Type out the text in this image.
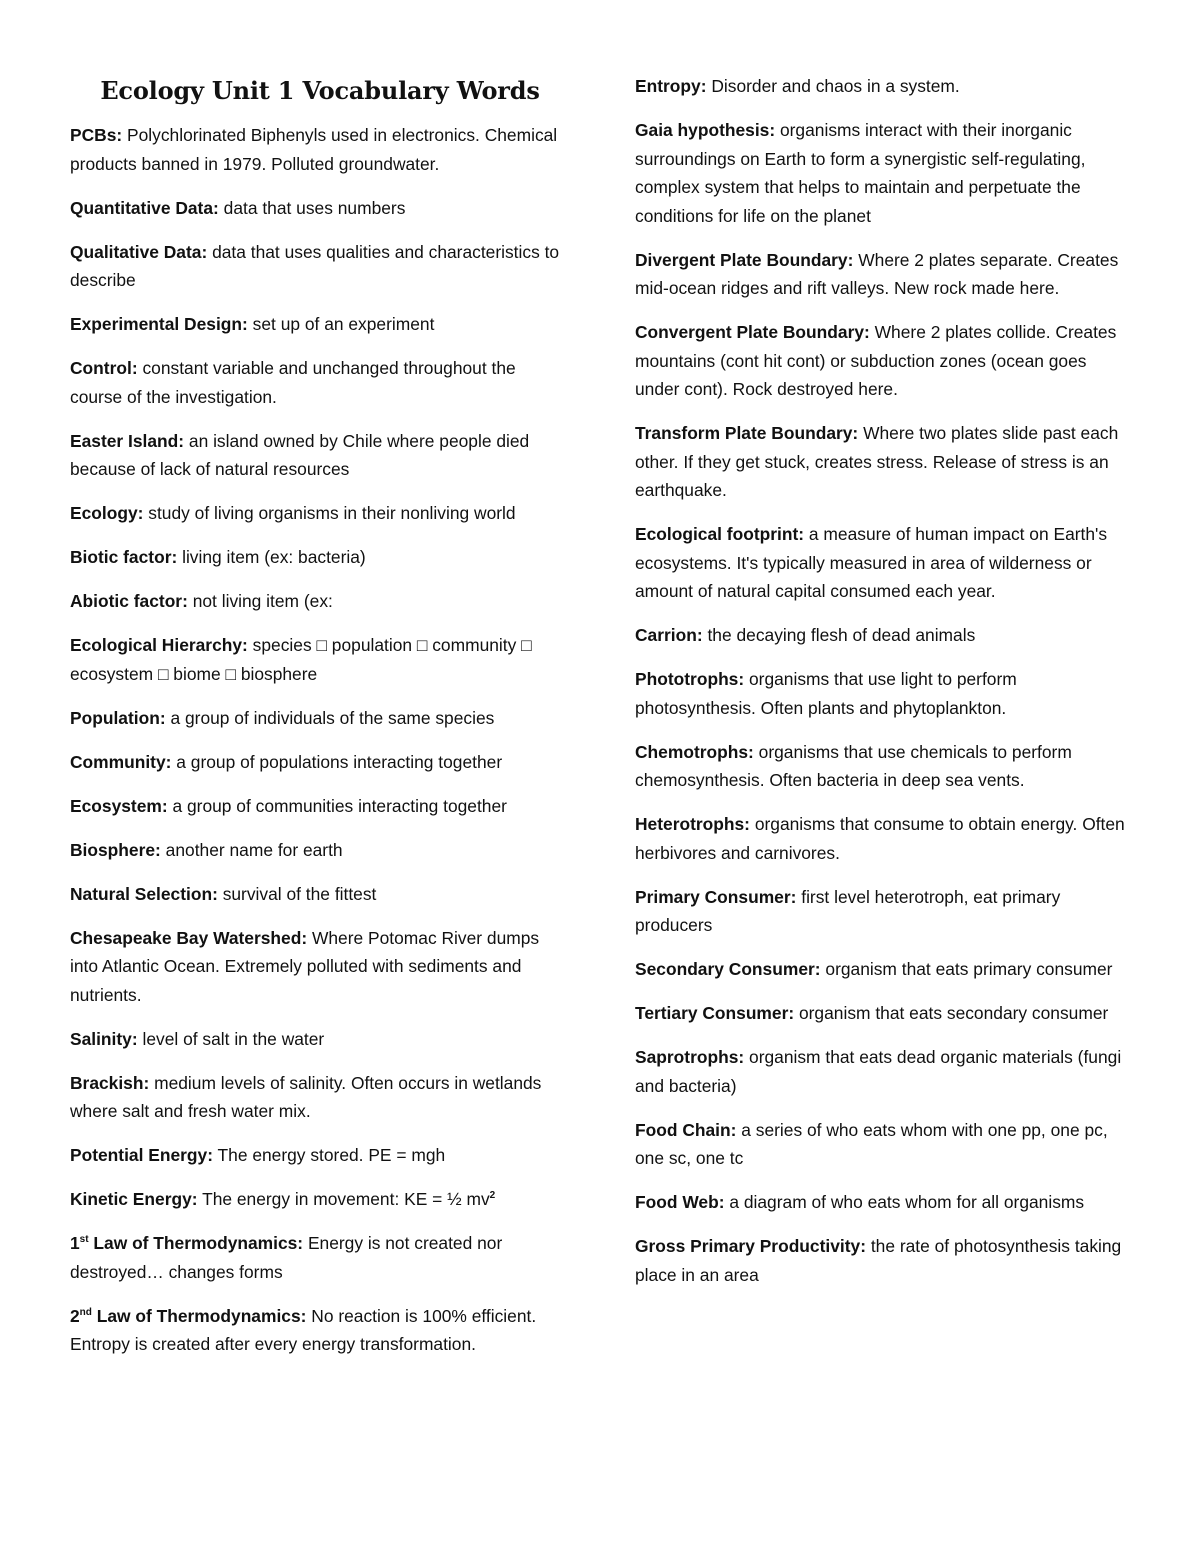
Ecology Unit 1 Vocabulary Words

PCBs: Polychlorinated Biphenyls used in electronics. Chemical products banned in 1979. Polluted groundwater.

Quantitative Data: data that uses numbers

Qualitative Data: data that uses qualities and characteristics to describe

Experimental Design: set up of an experiment

Control: constant variable and unchanged throughout the course of the investigation.

Easter Island: an island owned by Chile where people died because of lack of natural resources

Ecology: study of living organisms in their nonliving world

Biotic factor: living item (ex: bacteria)

Abiotic factor: not living item (ex:

Ecological Hierarchy: species □ population □ community □ ecosystem □ biome □ biosphere

Population: a group of individuals of the same species

Community: a group of populations interacting together

Ecosystem: a group of communities interacting together

Biosphere: another name for earth

Natural Selection: survival of the fittest

Chesapeake Bay Watershed: Where Potomac River dumps into Atlantic Ocean. Extremely polluted with sediments and nutrients.

Salinity: level of salt in the water

Brackish: medium levels of salinity. Often occurs in wetlands where salt and fresh water mix.

Potential Energy: The energy stored. PE = mgh

Kinetic Energy: The energy in movement: KE = ½ $mv^2$

1st Law of Thermodynamics: Energy is not created nor destroyed… changes forms

2nd Law of Thermodynamics: No reaction is 100% efficient. Entropy is created after every energy transformation.

Entropy: Disorder and chaos in a system.

Gaia hypothesis: organisms interact with their inorganic surroundings on Earth to form a synergistic self-regulating, complex system that helps to maintain and perpetuate the conditions for life on the planet

Divergent Plate Boundary: Where 2 plates separate. Creates mid-ocean ridges and rift valleys. New rock made here.

Convergent Plate Boundary: Where 2 plates collide. Creates mountains (cont hit cont) or subduction zones (ocean goes under cont). Rock destroyed here.

Transform Plate Boundary: Where two plates slide past each other. If they get stuck, creates stress. Release of stress is an earthquake.

Ecological footprint: a measure of human impact on Earth's ecosystems. It's typically measured in area of wilderness or amount of natural capital consumed each year.

Carrion: the decaying flesh of dead animals

Phototrophs: organisms that use light to perform photosynthesis. Often plants and phytoplankton.

Chemotrophs: organisms that use chemicals to perform chemosynthesis. Often bacteria in deep sea vents.

Heterotrophs: organisms that consume to obtain energy. Often herbivores and carnivores.

Primary Consumer: first level heterotroph, eat primary producers

Secondary Consumer: organism that eats primary consumer

Tertiary Consumer: organism that eats secondary consumer

Saprotrophs: organism that eats dead organic materials (fungi and bacteria)

Food Chain: a series of who eats whom with one pp, one pc, one sc, one tc

Food Web: a diagram of who eats whom for all organisms

Gross Primary Productivity: the rate of photosynthesis taking place in an area
